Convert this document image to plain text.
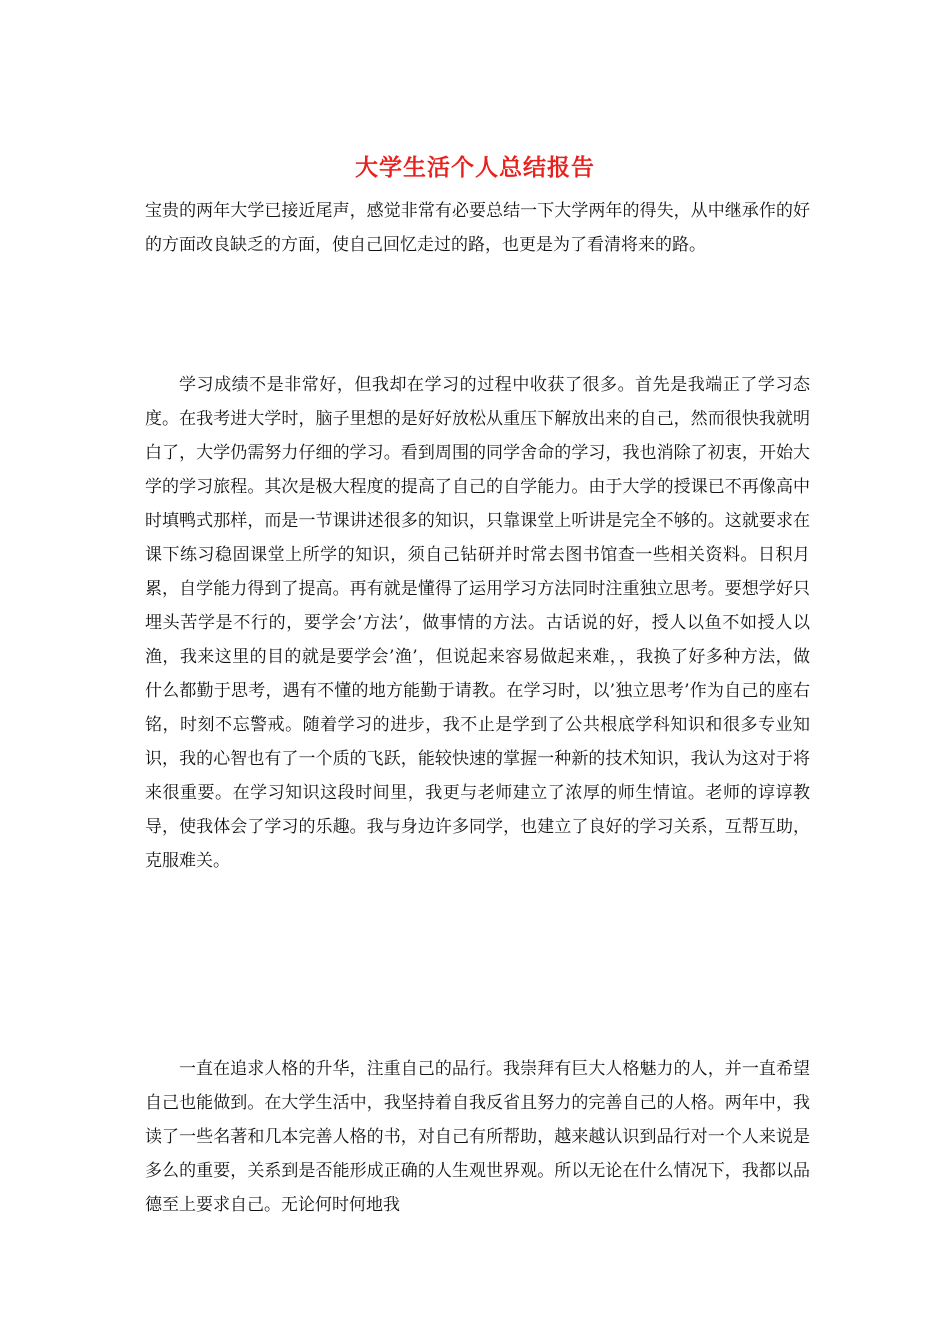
大学生活个人总结报告

宝贵的两年大学已接近尾声，感觉非常有必要总结一下大学两年的得失，从中继承作的好的方面改良缺乏的方面，使自己回忆走过的路，也更是为了看清将来的路。

学习成绩不是非常好，但我却在学习的过程中收获了很多。首先是我端正了学习态度。在我考进大学时，脑子里想的是好好放松从重压下解放出来的自己，然而很快我就明白了，大学仍需努力仔细的学习。看到周围的同学舍命的学习，我也消除了初衷，开始大学的学习旅程。其次是极大程度的提高了自己的自学能力。由于大学的授课已不再像高中时填鸭式那样，而是一节课讲述很多的知识，只靠课堂上听讲是完全不够的。这就要求在课下练习稳固课堂上所学的知识，须自己钻研并时常去图书馆查一些相关资料。日积月累，自学能力得到了提高。再有就是懂得了运用学习方法同时注重独立思考。要想学好只埋头苦学是不行的，要学会’方法’，做事情的方法。古话说的好，授人以鱼不如授人以渔，我来这里的目的就是要学会’渔’，但说起来容易做起来难，，我换了好多种方法，做什么都勤于思考，遇有不懂的地方能勤于请教。在学习时，以’独立思考’作为自己的座右铭，时刻不忘警戒。随着学习的进步，我不止是学到了公共根底学科知识和很多专业知识，我的心智也有了一个质的飞跃，能较快速的掌握一种新的技术知识，我认为这对于将来很重要。在学习知识这段时间里，我更与老师建立了浓厚的师生情谊。老师的谆谆教导，使我体会了学习的乐趣。我与身边许多同学，也建立了良好的学习关系，互帮互助，克服难关。

一直在追求人格的升华，注重自己的品行。我崇拜有巨大人格魅力的人，并一直希望自己也能做到。在大学生活中，我坚持着自我反省且努力的完善自己的人格。两年中，我读了一些名著和几本完善人格的书，对自己有所帮助，越来越认识到品行对一个人来说是多么的重要，关系到是否能形成正确的人生观世界观。所以无论在什么情况下，我都以品德至上要求自己。无论何时何地我
